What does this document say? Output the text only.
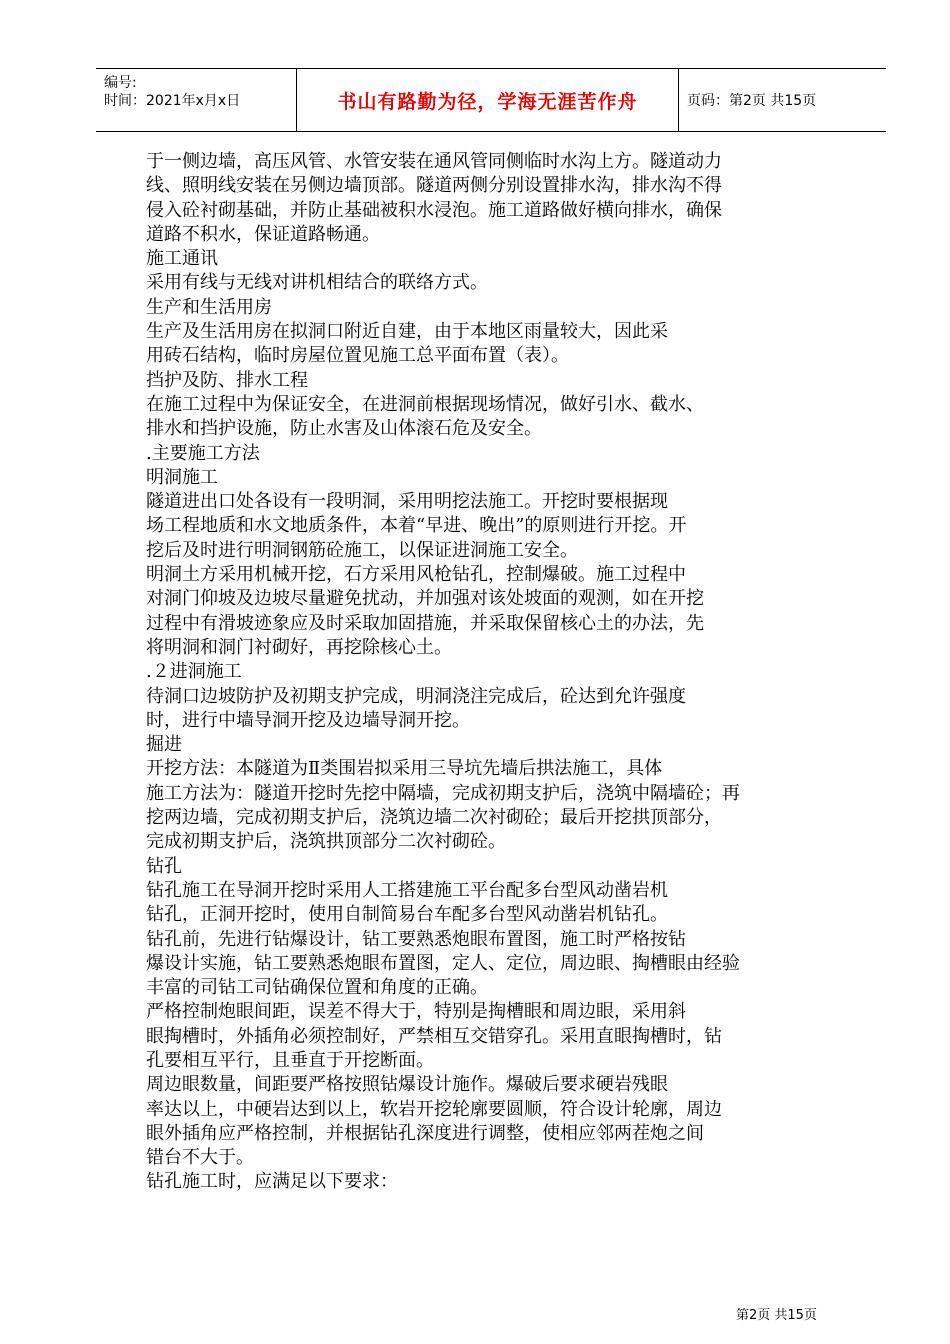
编号:
时间：2021年x月x日	书山有路勤为径，学海无涯苦作舟	页码：第2页 共15页

于一侧边墙，高压风管、水管安装在通风管同侧临时水沟上方。隧道动力

线、照明线安装在另侧边墙顶部。隧道两侧分别设置排水沟，排水沟不得

侵入砼衬砌基础，并防止基础被积水浸泡。施工道路做好横向排水，确保

道路不积水，保证道路畅通。

施工通讯

采用有线与无线对讲机相结合的联络方式。

生产和生活用房

生产及生活用房在拟洞口附近自建，由于本地区雨量较大，因此采

用砖石结构，临时房屋位置见施工总平面布置（表）。

挡护及防、排水工程

在施工过程中为保证安全，在进洞前根据现场情况，做好引水、截水、

排水和挡护设施，防止水害及山体滚石危及安全。

.主要施工方法

明洞施工

隧道进出口处各设有一段明洞，采用明挖法施工。开挖时要根据现

场工程地质和水文地质条件，本着“早进、晚出”的原则进行开挖。开

挖后及时进行明洞钢筋砼施工，以保证进洞施工安全。

明洞土方采用机械开挖，石方采用风枪钻孔，控制爆破。施工过程中

对洞门仰坡及边坡尽量避免扰动，并加强对该处坡面的观测，如在开挖

过程中有滑坡迹象应及时采取加固措施，并采取保留核心土的办法，先

将明洞和洞门衬砌好，再挖除核心土。

.２进洞施工

待洞口边坡防护及初期支护完成，明洞浇注完成后，砼达到允许强度

时，进行中墙导洞开挖及边墙导洞开挖。

掘进

开挖方法：本隧道为Ⅱ类围岩拟采用三导坑先墙后拱法施工，具体

施工方法为：隧道开挖时先挖中隔墙，完成初期支护后，浇筑中隔墙砼；再

挖两边墙，完成初期支护后，浇筑边墙二次衬砌砼；最后开挖拱顶部分，

完成初期支护后，浇筑拱顶部分二次衬砌砼。

钻孔

钻孔施工在导洞开挖时采用人工搭建施工平台配多台型风动凿岩机

钻孔，正洞开挖时，使用自制简易台车配多台型风动凿岩机钻孔。

钻孔前，先进行钻爆设计，钻工要熟悉炮眼布置图，施工时严格按钻

爆设计实施，钻工要熟悉炮眼布置图，定人、定位，周边眼、掏槽眼由经验

丰富的司钻工司钻确保位置和角度的正确。

严格控制炮眼间距，误差不得大于，特别是掏槽眼和周边眼，采用斜

眼掏槽时，外插角必须控制好，严禁相互交错穿孔。采用直眼掏槽时，钻

孔要相互平行，且垂直于开挖断面。

周边眼数量，间距要严格按照钻爆设计施作。爆破后要求硬岩残眼

率达以上，中硬岩达到以上，软岩开挖轮廓要圆顺，符合设计轮廓，周边

眼外插角应严格控制，并根据钻孔深度进行调整，使相应邻两茬炮之间

错台不大于。

钻孔施工时，应满足以下要求：

第2页 共15页
